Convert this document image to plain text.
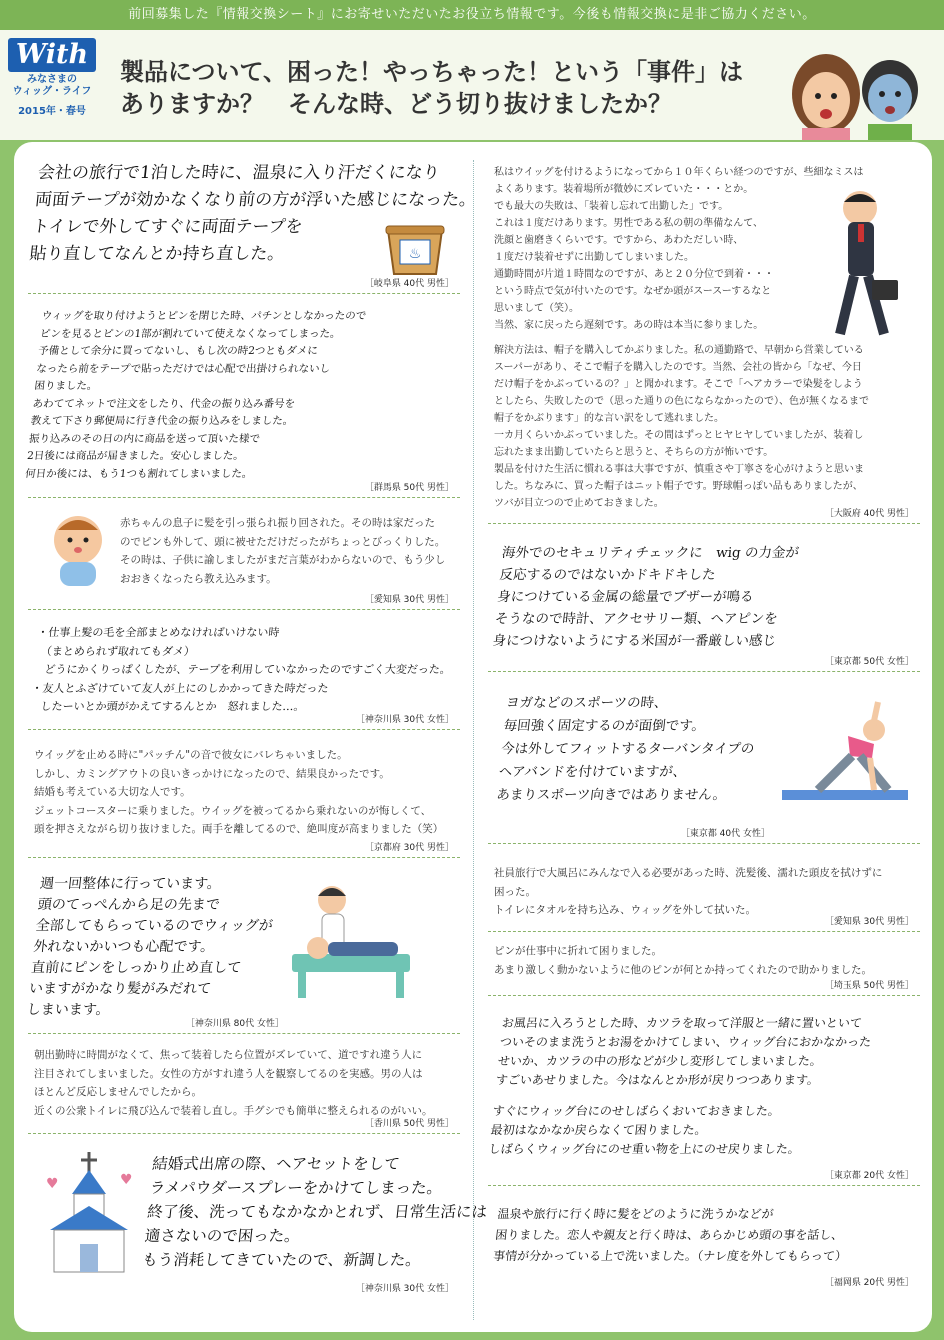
前回募集した『情報交換シート』にお寄せいただいたお役立ち情報です。今後も情報交換に是非ご協力ください。
With
みなさまの
ウィッグ・ライフ
2015年・春号
製品について、困った！やっちゃった！という「事件」は
ありますか？　そんな時、どう切り抜けましたか？

会社の旅行で1泊した時に、温泉に入り汗だくになり

両面テープが効かなくなり前の方が浮いた感じになった。

トイレで外してすぐに両面テープを

貼り直してなんとか持ち直した。	♨
［岐阜県 40代 男性］

ウィッグを取り付けようとピンを閉じた時、パチンとしなかったので

ピンを見るとピンの1部が割れていて使えなくなってしまった。

予備として余分に買ってないし、もし次の時2つともダメに

なったら前をテープで貼っただけでは心配で出掛けられないし

困りました。

あわててネットで注文をしたり、代金の振り込み番号を

教えて下さり郵便局に行き代金の振り込みをしました。

振り込みのその日の内に商品を送って頂いた様で

2日後には商品が届きました。安心しました。

何日か後には、もう1つも割れてしまいました。

［群馬県 50代 男性］

赤ちゃんの息子に髪を引っ張られ振り回された。その時は家だった

のでピンも外して、頭に被せただけだったがちょっとびっくりした。

その時は、子供に諭しましたがまだ言葉がわからないので、もう少し

おおきくなったら教え込みます。

［愛知県 30代 男性］

・仕事上髪の毛を全部まとめなければいけない時

　（まとめられず取れてもダメ）

　どうにかくりっぱくしたが、テープを利用していなかったのですごく大変だった。

・友人とふざけていて友人が上にのしかかってきた時だった

　したーいとか頭がかえてするんとか　怒れました…。

［神奈川県 30代 女性］

ウイッグを止める時に"パッチん"の音で彼女にバレちゃいました。

しかし、カミングアウトの良いきっかけになったので、結果良かったです。

結婚も考えている大切な人です。

ジェットコースターに乗りました。ウイッグを被ってるから乗れないのが悔しくて、

頭を押さえながら切り抜けました。両手を離してるので、絶叫度が高まりました（笑）

［京都府 30代 男性］

週一回整体に行っています。

頭のてっぺんから足の先まで

全部してもらっているのでウィッグが

外れないかいつも心配です。

直前にピンをしっかり止め直して

いますがかなり髪がみだれて

しまいます。

［神奈川県 80代 女性］

朝出勤時に時間がなくて、焦って装着したら位置がズレていて、道ですれ違う人に

注目されてしまいました。女性の方がすれ違う人を観察してるのを実感。男の人は

ほとんど反応しませんでしたから。

近くの公衆トイレに飛び込んで装着し直し。手グシでも簡単に整えられるのがいい。

［香川県 50代 男性］
♥	♥

結婚式出席の際、ヘアセットをして

ラメパウダースプレーをかけてしまった。

終了後、洗ってもなかなかとれず、日常生活には

適さないので困った。

もう消耗してきていたので、新調した。

［神奈川県 30代 女性］

私はウイッグを付けるようになってから１０年くらい経つのですが、些細なミスは

よくあります。装着場所が微妙にズレていた・・・とか。

でも最大の失敗は、「装着し忘れて出勤した」です。

これは１度だけあります。男性である私の朝の準備なんて、

洗顔と歯磨きくらいです。ですから、あわただしい時、

１度だけ装着せずに出勤してしまいました。

通勤時間が片道１時間なのですが、あと２０分位で到着・・・

という時点で気が付いたのです。なぜか頭がスースーするなと

思いまして（笑）。

当然、家に戻ったら遅刻です。あの時は本当に参りました。

解決方法は、帽子を購入してかぶりました。私の通勤路で、早朝から営業している

スーパーがあり、そこで帽子を購入したのです。当然、会社の皆から「なぜ、今日

だけ帽子をかぶっているの？」と聞かれます。そこで「ヘアカラーで染髪をしよう

としたら、失敗したので（思った通りの色にならなかったので）、色が無くなるまで

帽子をかぶります」的な言い訳をして逃れました。

一カ月くらいかぶっていました。その間はずっとヒヤヒヤしていましたが、装着し

忘れたまま出勤していたらと思うと、そちらの方が怖いです。

製品を付けた生活に慣れる事は大事ですが、慎重さや丁寧さを心がけようと思いま

した。ちなみに、買った帽子はニット帽子です。野球帽っぽい品もありましたが、

ツバが目立つので止めておきました。

［大阪府 40代 男性］

海外でのセキュリティチェックに　wig の力金が

反応するのではないかドキドキした

身につけている金属の総量でブザーが鳴る

そうなので時計、アクセサリー類、ヘアピンを

身につけないようにする米国が一番厳しい感じ

［東京都 50代 女性］

ヨガなどのスポーツの時、

毎回強く固定するのが面倒です。

今は外してフィットするターバンタイプの

ヘアバンドを付けていますが、

あまりスポーツ向きではありません。

［東京都 40代 女性］

社員旅行で大風呂にみんなで入る必要があった時、洗髪後、濡れた頭皮を拭けずに

困った。

トイレにタオルを持ち込み、ウィッグを外して拭いた。

［愛知県 30代 男性］

ピンが仕事中に折れて困りました。

あまり激しく動かないように他のピンが何とか持ってくれたので助かりました。

［埼玉県 50代 男性］

お風呂に入ろうとした時、カツラを取って洋服と一緒に置いといて

ついそのまま洗うとお湯をかけてしまい、ウィッグ台におかなかった

せいか、カツラの中の形などが少し変形してしまいました。

すごいあせりました。今はなんとか形が戻りつつあります。

すぐにウィッグ台にのせしばらくおいておきました。

最初はなかなか戻らなくて困りました。

しばらくウィッグ台にのせ重い物を上にのせ戻りました。

［東京都 20代 女性］

温泉や旅行に行く時に髪をどのように洗うかなどが

困りました。恋人や親友と行く時は、あらかじめ頭の事を話し、

事情が分かっている上で洗いました。（ナレ度を外してもらって）

［福岡県 20代 男性］
